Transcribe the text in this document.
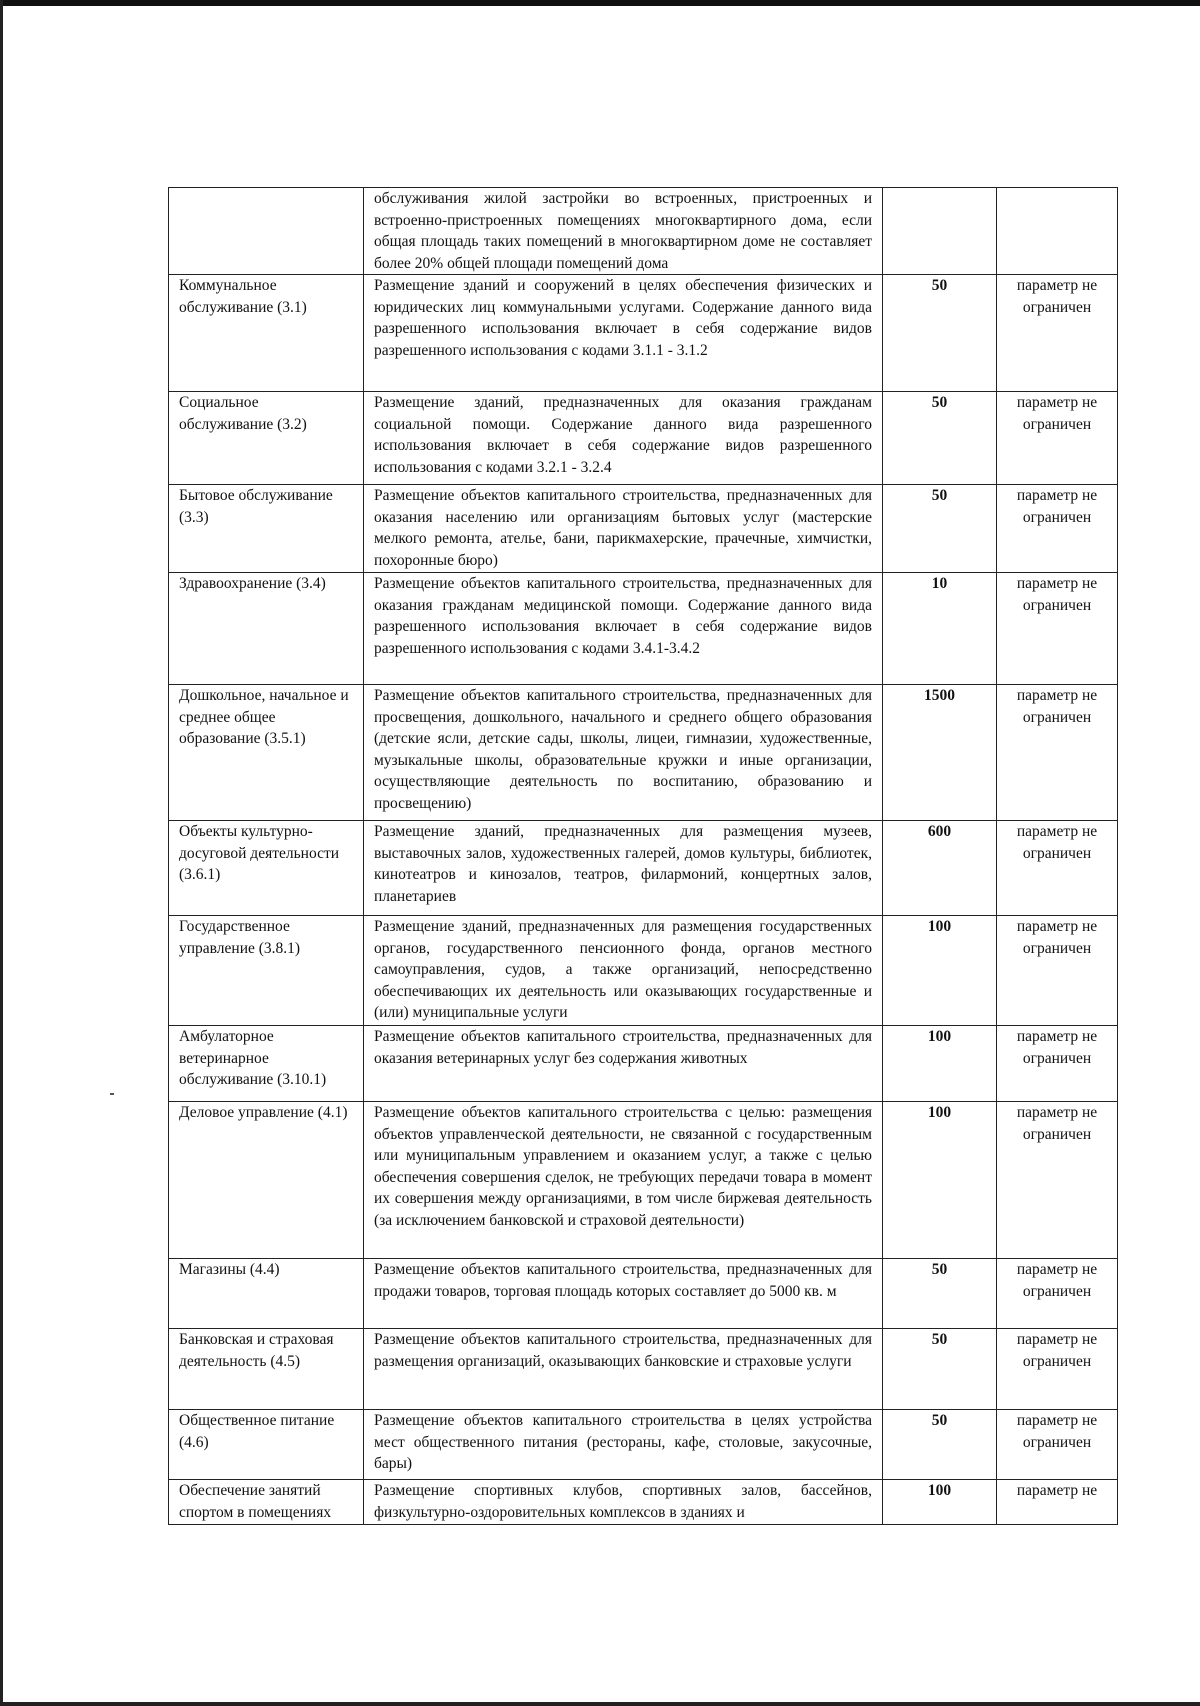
	обслуживания жилой застройки во встроенных, пристроенных и встроенно-пристроенных помещениях многоквартирного дома, если общая площадь таких помещений в многоквартирном доме не составляет более 20% общей площади помещений дома		
Коммунальное обслуживание (3.1)	Размещение зданий и сооружений в целях обеспечения физических и юридических лиц коммунальными услугами. Содержание данного вида разрешенного использования включает в себя содержание видов разрешенного использования с кодами 3.1.1 - 3.1.2	50	параметр не ограничен
Социальное обслуживание (3.2)	Размещение зданий, предназначенных для оказания гражданам социальной помощи. Содержание данного вида разрешенного использования включает в себя содержание видов разрешенного использования с кодами 3.2.1 - 3.2.4	50	параметр не ограничен
Бытовое обслуживание (3.3)	Размещение объектов капитального строительства, предназначенных для оказания населению или организациям бытовых услуг (мастерские мелкого ремонта, ателье, бани, парикмахерские, прачечные, химчистки, похоронные бюро)	50	параметр не ограничен
Здравоохранение (3.4)	Размещение объектов капитального строительства, предназначенных для оказания гражданам медицинской помощи. Содержание данного вида разрешенного использования включает в себя содержание видов разрешенного использования с кодами 3.4.1-3.4.2	10	параметр не ограничен
Дошкольное, начальное и среднее общее образование (3.5.1)	Размещение объектов капитального строительства, предназначенных для просвещения, дошкольного, начального и среднего общего образования (детские ясли, детские сады, школы, лицеи, гимназии, художественные, музыкальные школы, образовательные кружки и иные организации, осуществляющие деятельность по воспитанию, образованию и просвещению)	1500	параметр не ограничен
Объекты культурно-досуговой деятельности (3.6.1)	Размещение зданий, предназначенных для размещения музеев, выставочных залов, художественных галерей, домов культуры, библиотек, кинотеатров и кинозалов, театров, филармоний, концертных залов, планетариев	600	параметр не ограничен
Государственное управление (3.8.1)	Размещение зданий, предназначенных для размещения государственных органов, государственного пенсионного фонда, органов местного самоуправления, судов, а также организаций, непосредственно обеспечивающих их деятельность или оказывающих государственные и (или) муниципальные услуги	100	параметр не ограничен
Амбулаторное ветеринарное обслуживание (3.10.1)	Размещение объектов капитального строительства, предназначенных для оказания ветеринарных услуг без содержания животных	100	параметр не ограничен
Деловое управление (4.1)	Размещение объектов капитального строительства с целью: размещения объектов управленческой деятельности, не связанной с государственным или муниципальным управлением и оказанием услуг, а также с целью обеспечения совершения сделок, не требующих передачи товара в момент их совершения между организациями, в том числе биржевая деятельность (за исключением банковской и страховой деятельности)	100	параметр не ограничен
Магазины (4.4)	Размещение объектов капитального строительства, предназначенных для продажи товаров, торговая площадь которых составляет до 5000 кв. м	50	параметр не ограничен
Банковская и страховая деятельность (4.5)	Размещение объектов капитального строительства, предназначенных для размещения организаций, оказывающих банковские и страховые услуги	50	параметр не ограничен
Общественное питание (4.6)	Размещение объектов капитального строительства в целях устройства мест общественного питания (рестораны, кафе, столовые, закусочные, бары)	50	параметр не ограничен
Обеспечение занятий спортом в помещениях	Размещение спортивных клубов, спортивных залов, бассейнов, физкультурно-оздоровительных комплексов в зданиях и	100	параметр не
